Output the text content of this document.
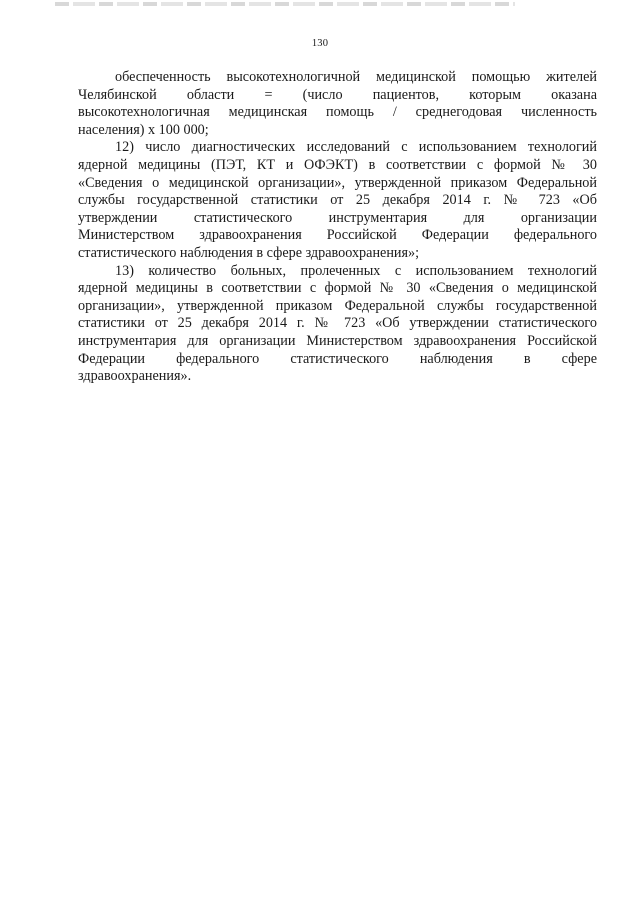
130

обеспеченность высокотехнологичной медицинской помощью жителей
Челябинской области = (число пациентов, которым оказана
высокотехнологичная медицинская помощь / среднегодовая численность
населения) х 100 000;

12) число диагностических исследований с использованием технологий
ядерной медицины (ПЭТ, КТ и ОФЭКТ) в соответствии с формой № 30
«Сведения о медицинской организации», утвержденной приказом Федеральной
службы государственной статистики от 25 декабря 2014 г. № 723 «Об
утверждении статистического инструментария для организации
Министерством здравоохранения Российской Федерации федерального
статистического наблюдения в сфере здравоохранения»;

13) количество больных, пролеченных с использованием технологий
ядерной медицины в соответствии с формой № 30 «Сведения о медицинской
организации», утвержденной приказом Федеральной службы государственной
статистики от 25 декабря 2014 г. № 723 «Об утверждении статистического
инструментария для организации Министерством здравоохранения Российской
Федерации федерального статистического наблюдения в сфере
здравоохранения».
